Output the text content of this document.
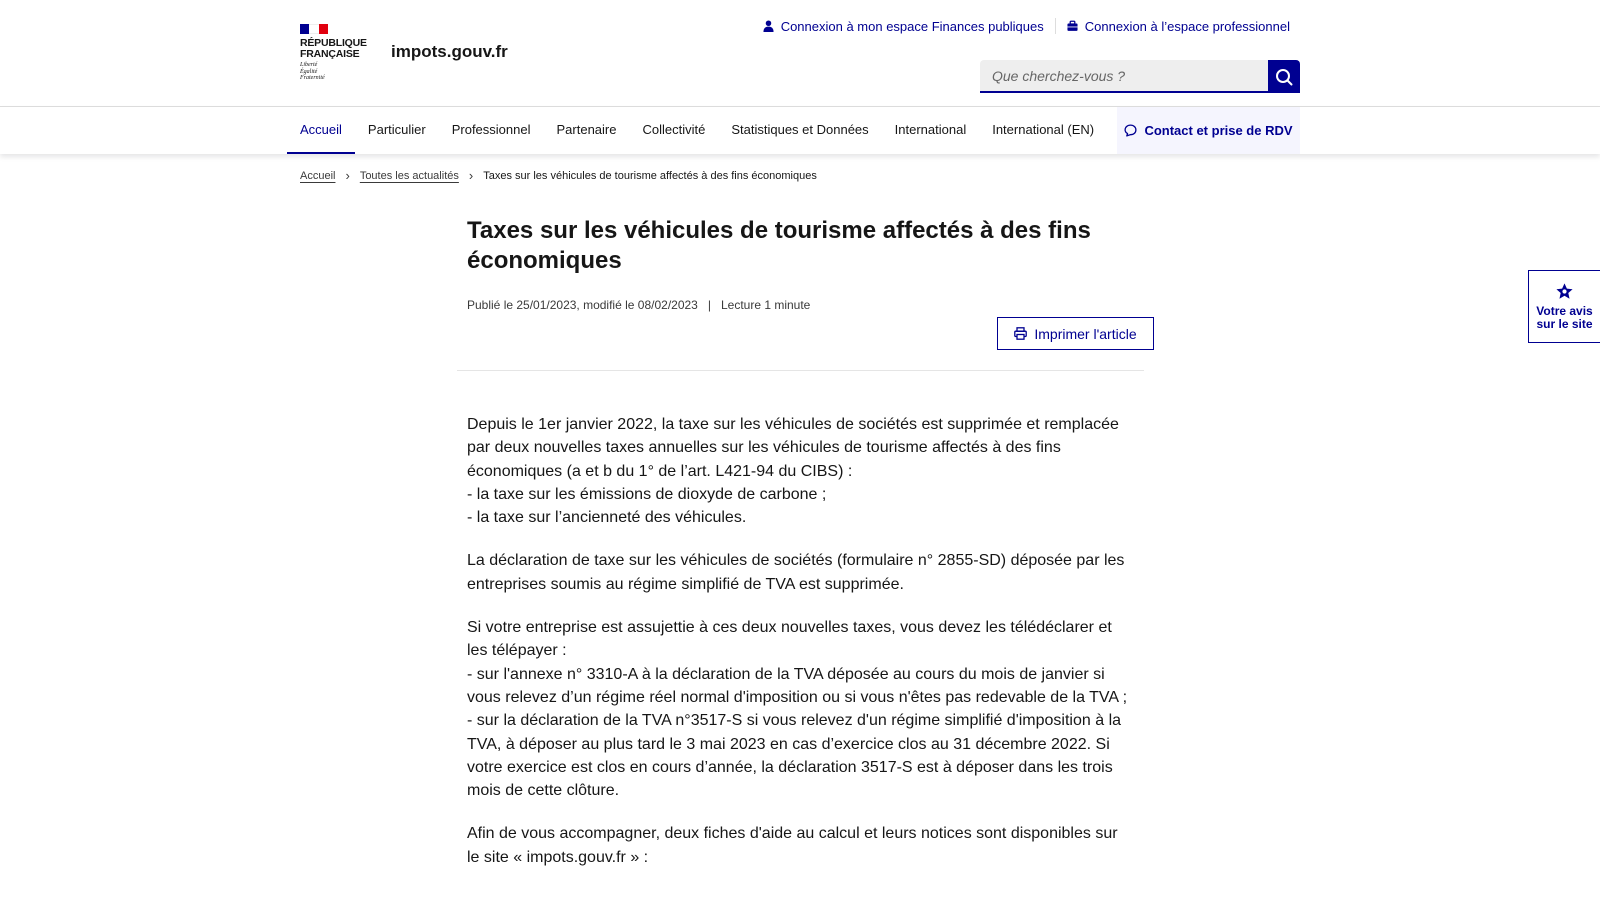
RÉPUBLIQUE
FRANÇAISE
Liberté
Égalité
Fraternité
impots.gouv.fr
Connexion à mon espace Finances publiques	Connexion à l’espace professionnel
Que cherchez-vous ?
Accueil	Particulier	Professionnel	Partenaire	Collectivité	Statistiques et Données	International	International (EN)	Contact et prise de RDV
Accueil › Toutes les actualités › Taxes sur les véhicules de tourisme affectés à des fins économiques
Taxes sur les véhicules de tourisme affectés à des fins économiques
Publié le 25/01/2023, modifié le 08/02/2023 | Lecture 1 minute
Imprimer l'article

Depuis le 1er janvier 2022, la taxe sur les véhicules de sociétés est supprimée et remplacée par deux nouvelles taxes annuelles sur les véhicules de tourisme affectés à des fins économiques (a et b du 1° de l’art. L421-94 du CIBS) :
- la taxe sur les émissions de dioxyde de carbone ;
- la taxe sur l’ancienneté des véhicules.

La déclaration de taxe sur les véhicules de sociétés (formulaire n° 2855-SD) déposée par les entreprises soumis au régime simplifié de TVA est supprimée.

Si votre entreprise est assujettie à ces deux nouvelles taxes, vous devez les télédéclarer et les télépayer :
- sur l'annexe n° 3310-A à la déclaration de la TVA déposée au cours du mois de janvier si vous relevez d’un régime réel normal d'imposition ou si vous n'êtes pas redevable de la TVA ;
- sur la déclaration de la TVA n°3517-S si vous relevez d'un régime simplifié d'imposition à la TVA, à déposer au plus tard le 3 mai 2023 en cas d’exercice clos au 31 décembre 2022. Si votre exercice est clos en cours d’année, la déclaration 3517-S est à déposer dans les trois mois de cette clôture.

Afin de vous accompagner, deux fiches d'aide au calcul et leurs notices sont disponibles sur le site « impots.gouv.fr » :

Votre avis sur le site
